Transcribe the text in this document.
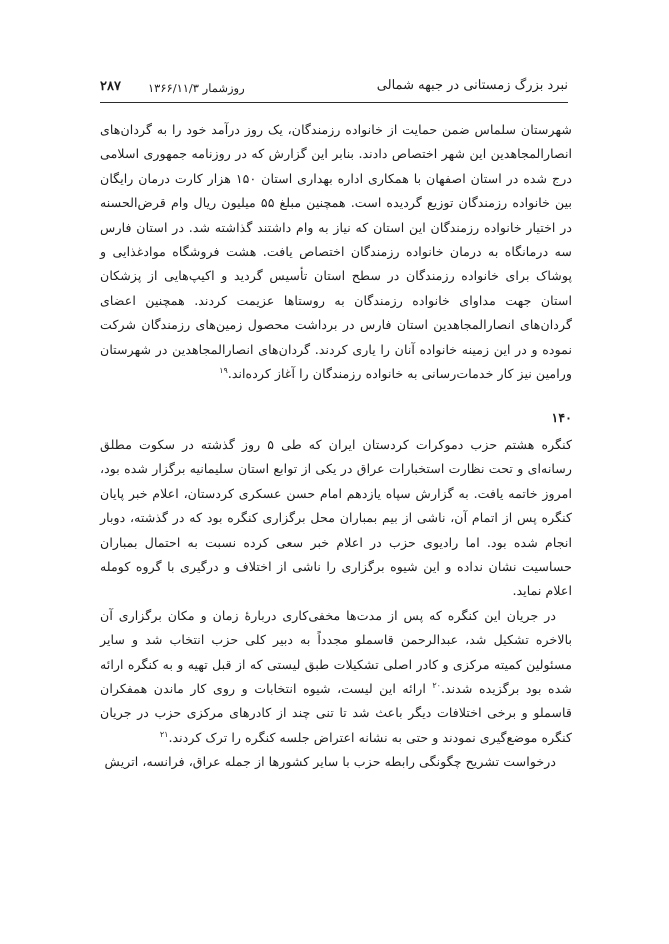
نبرد بزرگ زمستانی در جبهه شمالی
روزشمار ۱۳۶۶/۱۱/۳
۲۸۷

شهرستان سلماس ضمن حمایت از خانواده رزمندگان، یک روز درآمد خود را به گردان‌های انصارالمجاهدین این شهر اختصاص دادند. بنابر این گزارش که در روزنامه جمهوری اسلامی درج شده در استان اصفهان با همکاری اداره بهداری استان ۱۵۰ هزار کارت درمان رایگان بین خانواده رزمندگان توزیع گردیده است. همچنین مبلغ ۵۵ میلیون ریال وام قرض‌الحسنه در اختیار خانواده رزمندگان این استان که نیاز به وام داشتند گذاشته شد. در استان فارس سه درمانگاه به درمان خانواده رزمندگان اختصاص یافت. هشت فروشگاه موادغذایی و پوشاک برای خانواده رزمندگان در سطح استان تأسیس گردید و اکیپ‌هایی از پزشکان استان جهت مداوای خانواده رزمندگان به روستاها عزیمت کردند. همچنین اعضای گردان‌های انصارالمجاهدین استان فارس در برداشت محصول زمین‌های رزمندگان شرکت نموده و در این زمینه خانواده آنان را یاری کردند. گردان‌های انصارالمجاهدین در شهرستان ورامین نیز کار خدمات‌رسانی به خانواده رزمندگان را آغاز کرده‌اند.$^{۱۹}$

۱۴۰

کنگره هشتم حزب دموکرات کردستان ایران که طی ۵ روز گذشته در سکوت مطلق رسانه‌ای و تحت نظارت استخبارات عراق در یکی از توابع استان سلیمانیه برگزار شده بود، امروز خاتمه یافت. به گزارش سپاه یازدهم امام حسن عسکری کردستان، اعلام خبر پایان کنگره پس از اتمام آن، ناشی از بیم بمباران محل برگزاری کنگره بود که در گذشته، دوبار انجام شده بود. اما رادیوی حزب در اعلام خبر سعی کرده نسبت به احتمال بمباران حساسیت نشان نداده و این شیوه برگزاری را ناشی از اختلاف و درگیری با گروه کومله اعلام نماید.

در جریان این کنگره که پس از مدت‌ها مخفی‌کاری دربارهٔ زمان و مکان برگزاری آن بالاخره تشکیل شد، عبدالرحمن قاسملو مجدداً به دبیر کلی حزب انتخاب شد و سایر مسئولین کمیته مرکزی و کادر اصلی تشکیلات طبق لیستی که از قبل تهیه و به کنگره ارائه شده بود برگزیده شدند.$^{۲۰}$ ارائه این لیست، شیوه انتخابات و روی کار ماندن همفکران قاسملو و برخی اختلافات دیگر باعث شد تا تنی چند از کادرهای مرکزی حزب در جریان کنگره موضع‌گیری نمودند و حتی به نشانه اعتراض جلسه کنگره را ترک کردند.$^{۲۱}$

درخواست تشریح چگونگی رابطه حزب با سایر کشورها از جمله عراق، فرانسه، اتریش
